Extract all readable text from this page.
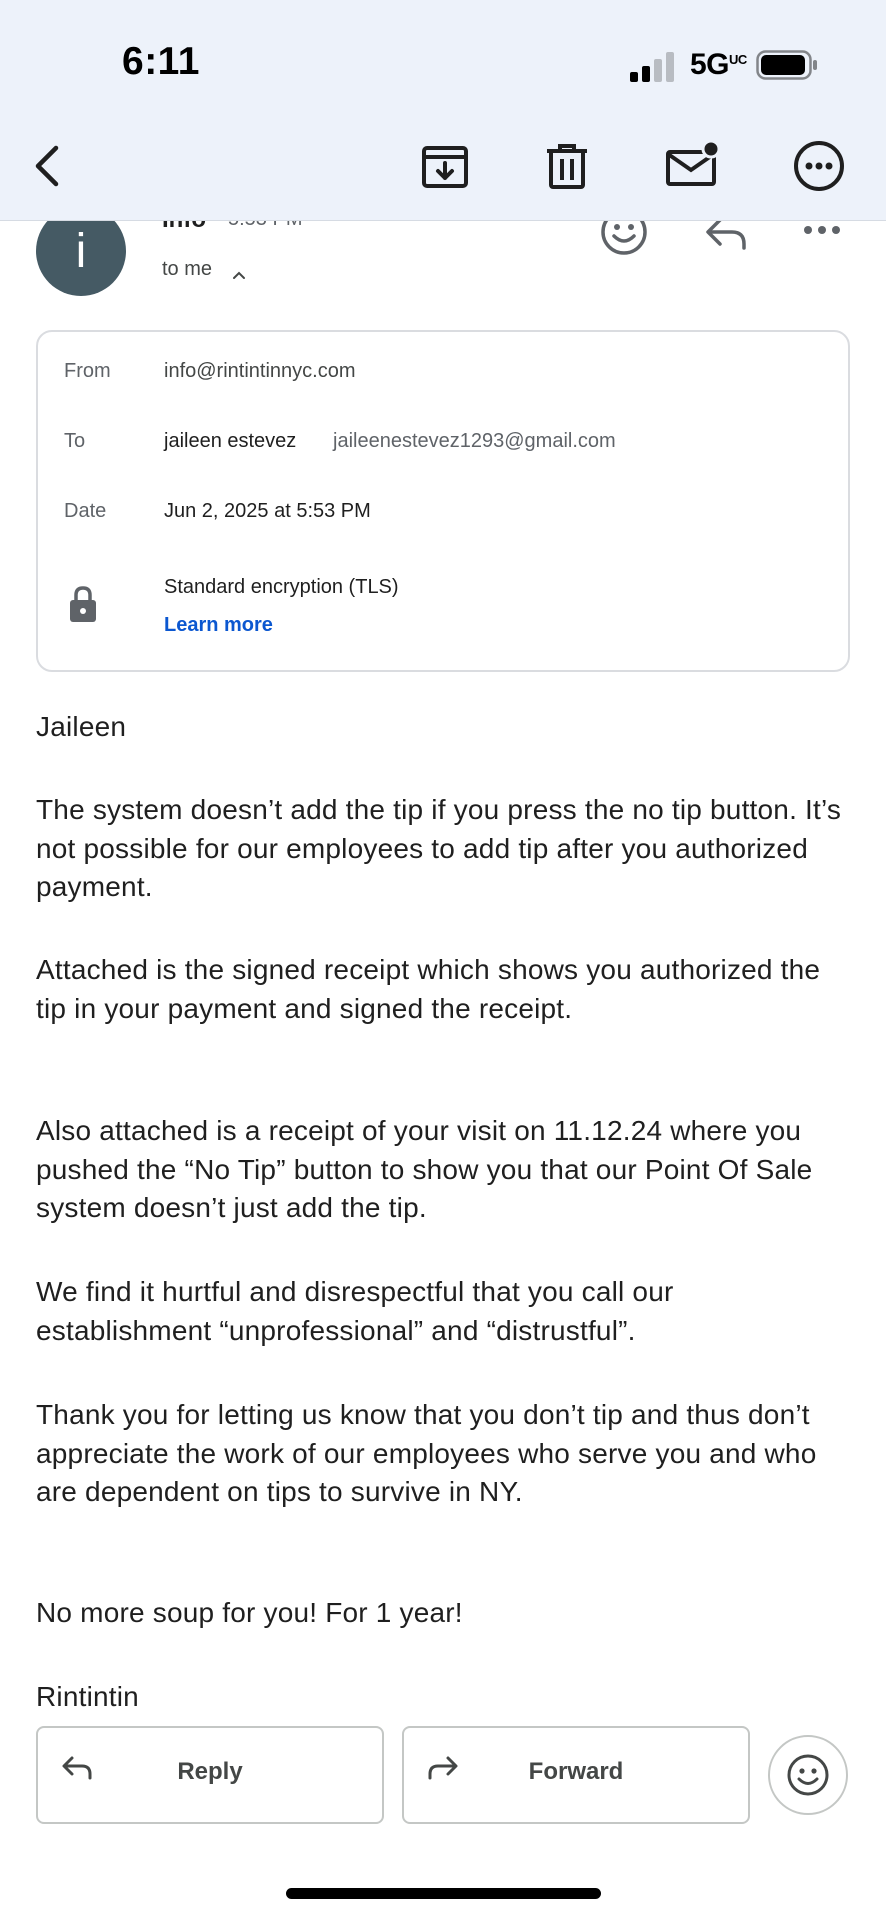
6:11	5GUC
i	to me
From	info@rintintinnyc.com
To	jaileen estevez jaileenestevez1293@gmail.com
Date	Jun 2, 2025 at 5:53 PM
Standard encryption (TLS)
Learn more
Jaileen
The system doesn’t add the tip if you press the no tip button. It’s not possible for our employees to add tip after you authorized payment.
Attached is the signed receipt which shows you authorized the tip in your payment and signed the receipt.
Also attached is a receipt of your visit on 11.12.24 where you pushed the “No Tip” button to show you that our Point Of Sale system doesn’t just add the tip.
We find it hurtful and disrespectful that you call our establishment “unprofessional” and “distrustful”.
Thank you for letting us know that you don’t tip and thus don’t appreciate the work of our employees who serve you and who are dependent on tips to survive in NY.
No more soup for you! For 1 year!
Rintintin
Reply	Forward
